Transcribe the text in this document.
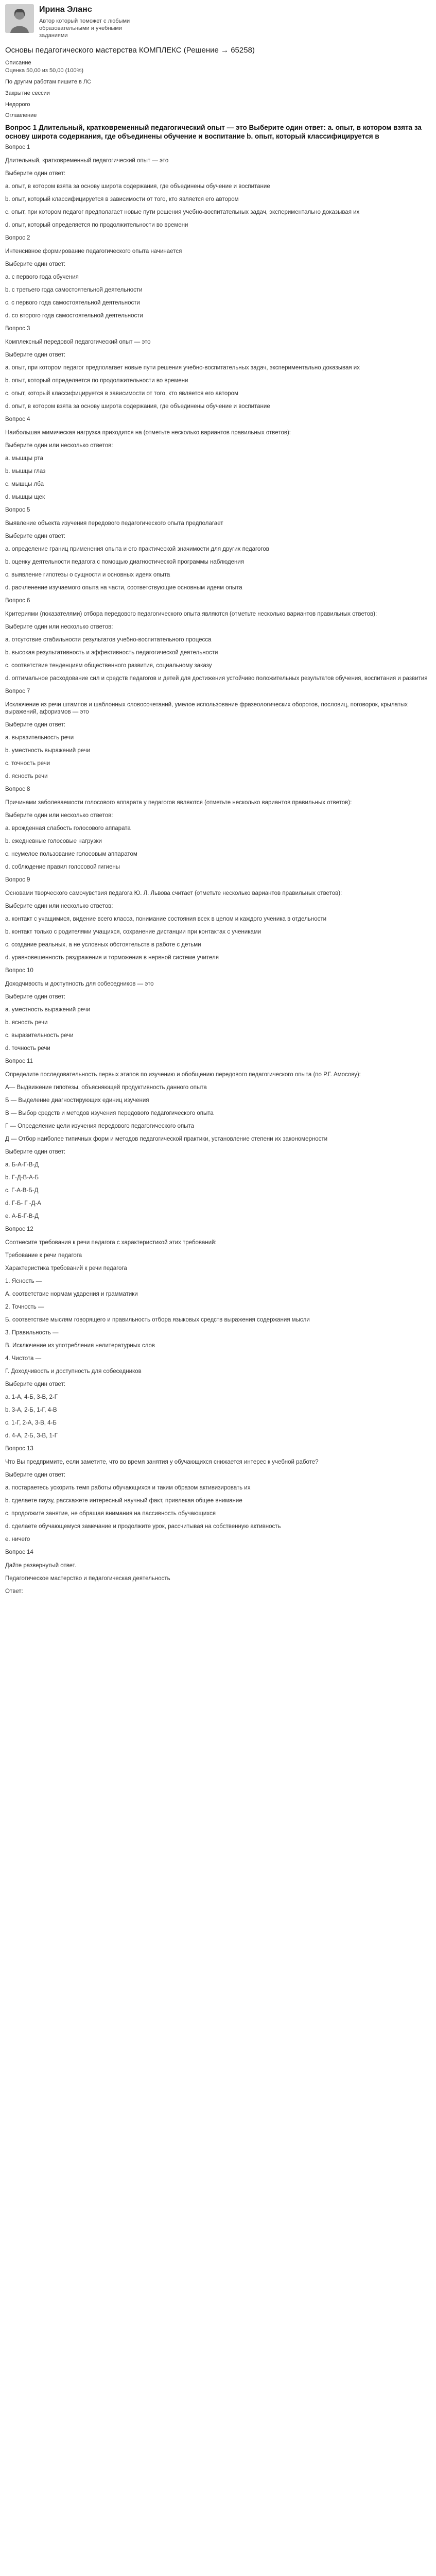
Ирина Эланс
Автор который поможет с любыми образовательными и учебными заданиями
Основы педагогического мастерства КОМПЛЕКС (Решение → 65258)
Описание
Оценка 50,00 из 50,00 (100%)
По другим работам пишите в ЛС
Закрытие сессии
Недорого
Оглавление
Вопрос 1 Длительный, кратковременный педагогический опыт — это Выберите один ответ: a. опыт, в котором взята за основу широта содержания, где объединены обучение и воспитание b. опыт, который классифицируется в
Вопрос 1
Длительный, кратковременный педагогический опыт — это
Выберите один ответ:
a. опыт, в котором взята за основу широта содержания, где объединены обучение и воспитание
b. опыт, который классифицируется в зависимости от того, кто является его автором
c. опыт, при котором педагог предполагает новые пути решения учебно-воспитательных задач, экспериментально доказывая их
d. опыт, который определяется по продолжительности во времени
Вопрос 2
Интенсивное формирование педагогического опыта начинается
Выберите один ответ:
a. с первого года обучения
b. с третьего года самостоятельной деятельности
c. с первого года самостоятельной деятельности
d. со второго года самостоятельной деятельности
Вопрос 3
Комплексный передовой педагогический опыт — это
Выберите один ответ:
a. опыт, при котором педагог предполагает новые пути решения учебно-воспитательных задач, экспериментально доказывая их
b. опыт, который определяется по продолжительности во времени
c. опыт, который классифицируется в зависимости от того, кто является его автором
d. опыт, в котором взята за основу широта содержания, где объединены обучение и воспитание
Вопрос 4
Наибольшая мимическая нагрузка приходится на (отметьте несколько вариантов правильных ответов):
Выберите один или несколько ответов:
a. мышцы рта
b. мышцы глаз
c. мышцы лба
d. мышцы щек
Вопрос 5
Выявление объекта изучения передового педагогического опыта предполагает
Выберите один ответ:
a. определение границ применения опыта и его практической значимости для других педагогов
b. оценку деятельности педагога с помощью диагностической программы наблюдения
c. выявление гипотезы о сущности и основных идеях опыта
d. расчленение изучаемого опыта на части, соответствующие основным идеям опыта
Вопрос 6
Критериями (показателями) отбора передового педагогического опыта являются (отметьте несколько вариантов правильных ответов):
Выберите один или несколько ответов:
a. отсутствие стабильности результатов учебно-воспитательного процесса
b. высокая результативность и эффективность педагогической деятельности
c. соответствие тенденциям общественного развития, социальному заказу
d. оптимальное расходование сил и средств педагогов и детей для достижения устойчиво положительных результатов обучения, воспитания и развития
Вопрос 7
Исключение из речи штампов и шаблонных словосочетаний, умелое использование фразеологических оборотов, пословиц, поговорок, крылатых выражений, афоризмов — это
Выберите один ответ:
a. выразительность речи
b. уместность выражений речи
c. точность речи
d. ясность речи
Вопрос 8
Причинами заболеваемости голосового аппарата у педагогов являются (отметьте несколько вариантов правильных ответов):
Выберите один или несколько ответов:
a. врожденная слабость голосового аппарата
b. ежедневные голосовые нагрузки
c. неумелое пользование голосовым аппаратом
d. соблюдение правил голосовой гигиены
Вопрос 9
Основами творческого самочувствия педагога Ю. Л. Львова считает (отметьте несколько вариантов правильных ответов):
Выберите один или несколько ответов:
a. контакт с учащимися, видение всего класса, понимание состояния всех в целом и каждого ученика в отдельности
b. контакт только с родителями учащихся, сохранение дистанции при контактах с учениками
c. создание реальных, а не условных обстоятельств в работе с детьми
d. уравновешенность раздражения и торможения в нервной системе учителя
Вопрос 10
Доходчивость и доступность для собеседников — это
Выберите один ответ:
a. уместность выражений речи
b. ясность речи
c. выразительность речи
d. точность речи
Вопрос 11
Определите последовательность первых этапов по изучению и обобщению передового педагогического опыта (по Р.Г. Амосову):
А— Выдвижение гипотезы, объясняющей продуктивность данного опыта
Б — Выделение диагностирующих единиц изучения
В — Выбор средств и методов изучения передового педагогического опыта
Г — Определение цели изучения передового педагогического опыта
Д — Отбор наиболее типичных форм и методов педагогической практики, установление степени их закономерности
Выберите один ответ:
a. Б-А-Г-В-Д
b. Г-Д-В-А-Б
c. Г-А-В-Б-Д
d. Г-Б- Г -Д-А
e. А-Б-Г-В-Д
Вопрос 12
Соотнесите требования к речи педагога с характеристикой этих требований:
Требование к речи педагога
Характеристика требований к речи педагога
1. Ясность —
А. соответствие нормам ударения и грамматики
2. Точность —
Б. соответствие мыслям говорящего и правильность отбора языковых средств выражения содержания мысли
3. Правильность —
В. Исключение из употребления нелитературных слов
4. Чистота —
Г. Доходчивость и доступность для собеседников
Выберите один ответ:
a. 1-А, 4-Б, 3-В, 2-Г
b. 3-А, 2-Б, 1-Г, 4-В
c. 1-Г, 2-А, 3-В, 4-Б
d. 4-А, 2-Б, 3-В, 1-Г
Вопрос 13
Что Вы предпримите, если заметите, что во время занятия у обучающихся снижается интерес к учебной работе?
Выберите один ответ:
a. постараетесь ускорить темп работы обучающихся и таким образом активизировать их
b. сделаете паузу, расскажете интересный научный факт, привлекая общее внимание
c. продолжите занятие, не обращая внимания на пассивность обучающихся
d. сделаете обучающемуся замечание и продолжите урок, рассчитывая на собственную активность
e. ничего
Вопрос 14
Дайте развернутый ответ.
Педагогическое мастерство и педагогическая деятельность
Ответ:
